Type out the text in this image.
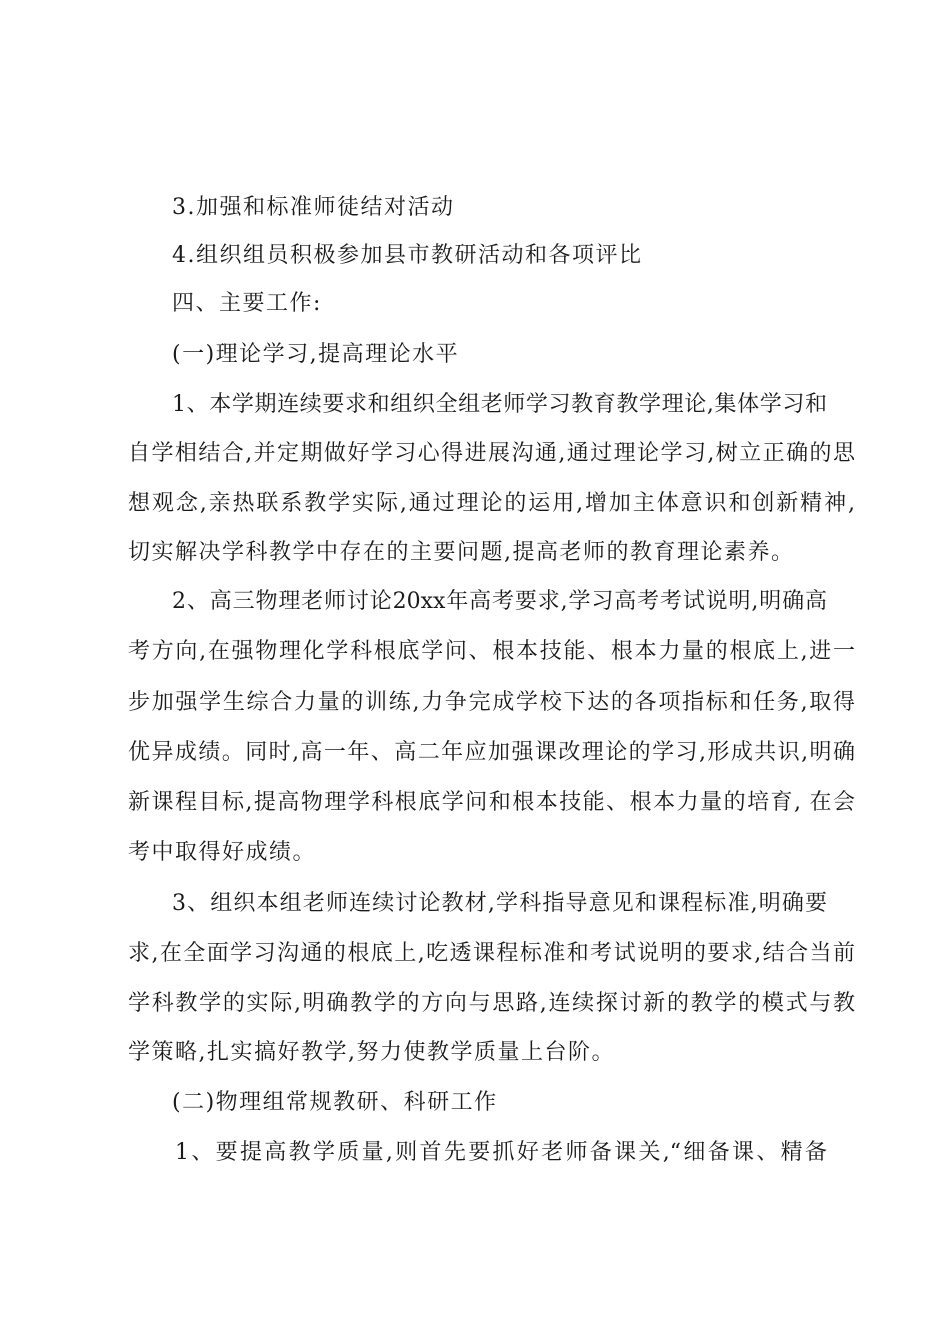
3.加强和标准师徒结对活动
4.组织组员积极参加县市教研活动和各项评比
四、主要工作:
(一)理论学习,提高理论水平
1、本学期连续要求和组织全组老师学习教育教学理论,集体学习和
自学相结合,并定期做好学习心得进展沟通,通过理论学习,树立正确的思
想观念,亲热联系教学实际,通过理论的运用,增加主体意识和创新精神,
切实解决学科教学中存在的主要问题,提高老师的教育理论素养。
2、高三物理老师讨论20xx年高考要求,学习高考考试说明,明确高
考方向,在强物理化学科根底学问、根本技能、根本力量的根底上,进一
步加强学生综合力量的训练,力争完成学校下达的各项指标和任务,取得
优异成绩。同时,高一年、高二年应加强课改理论的学习,形成共识,明确
新课程目标,提高物理学科根底学问和根本技能、根本力量的培育, 在会
考中取得好成绩。
3、组织本组老师连续讨论教材,学科指导意见和课程标准,明确要
求,在全面学习沟通的根底上,吃透课程标准和考试说明的要求,结合当前
学科教学的实际,明确教学的方向与思路,连续探讨新的教学的模式与教
学策略,扎实搞好教学,努力使教学质量上台阶。
(二)物理组常规教研、科研工作
1、要提高教学质量,则首先要抓好老师备课关,“细备课、精备
